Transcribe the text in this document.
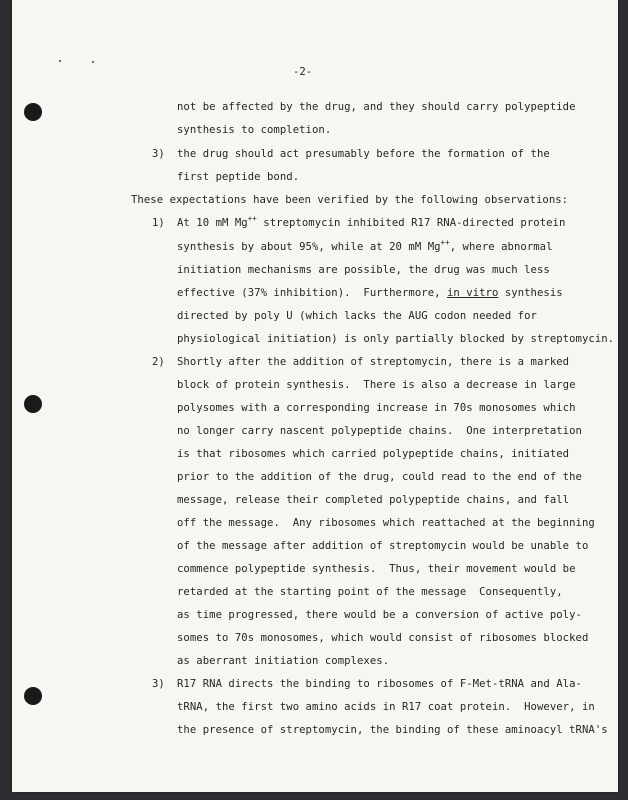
-2-
not be affected by the drug, and they should carry polypeptide
synthesis to completion.
3) the drug should act presumably before the formation of the
first peptide bond.
These expectations have been verified by the following observations:
1) At 10 mM Mg++ streptomycin inhibited R17 RNA-directed protein
synthesis by about 95%, while at 20 mM Mg++, where abnormal
initiation mechanisms are possible, the drug was much less
effective (37% inhibition).  Furthermore, in vitro synthesis
directed by poly U (which lacks the AUG codon needed for
physiological initiation) is only partially blocked by streptomycin.
2) Shortly after the addition of streptomycin, there is a marked
block of protein synthesis.  There is also a decrease in large
polysomes with a corresponding increase in 70s monosomes which
no longer carry nascent polypeptide chains.  One interpretation
is that ribosomes which carried polypeptide chains, initiated
prior to the addition of the drug, could read to the end of the
message, release their completed polypeptide chains, and fall
off the message.  Any ribosomes which reattached at the beginning
of the message after addition of streptomycin would be unable to
commence polypeptide synthesis.  Thus, their movement would be
retarded at the starting point of the message  Consequently,
as time progressed, there would be a conversion of active poly-
somes to 70s monosomes, which would consist of ribosomes blocked
as aberrant initiation complexes.
3) R17 RNA directs the binding to ribosomes of F-Met-tRNA and Ala-
tRNA, the first two amino acids in R17 coat protein.  However, in
the presence of streptomycin, the binding of these aminoacyl tRNA's
